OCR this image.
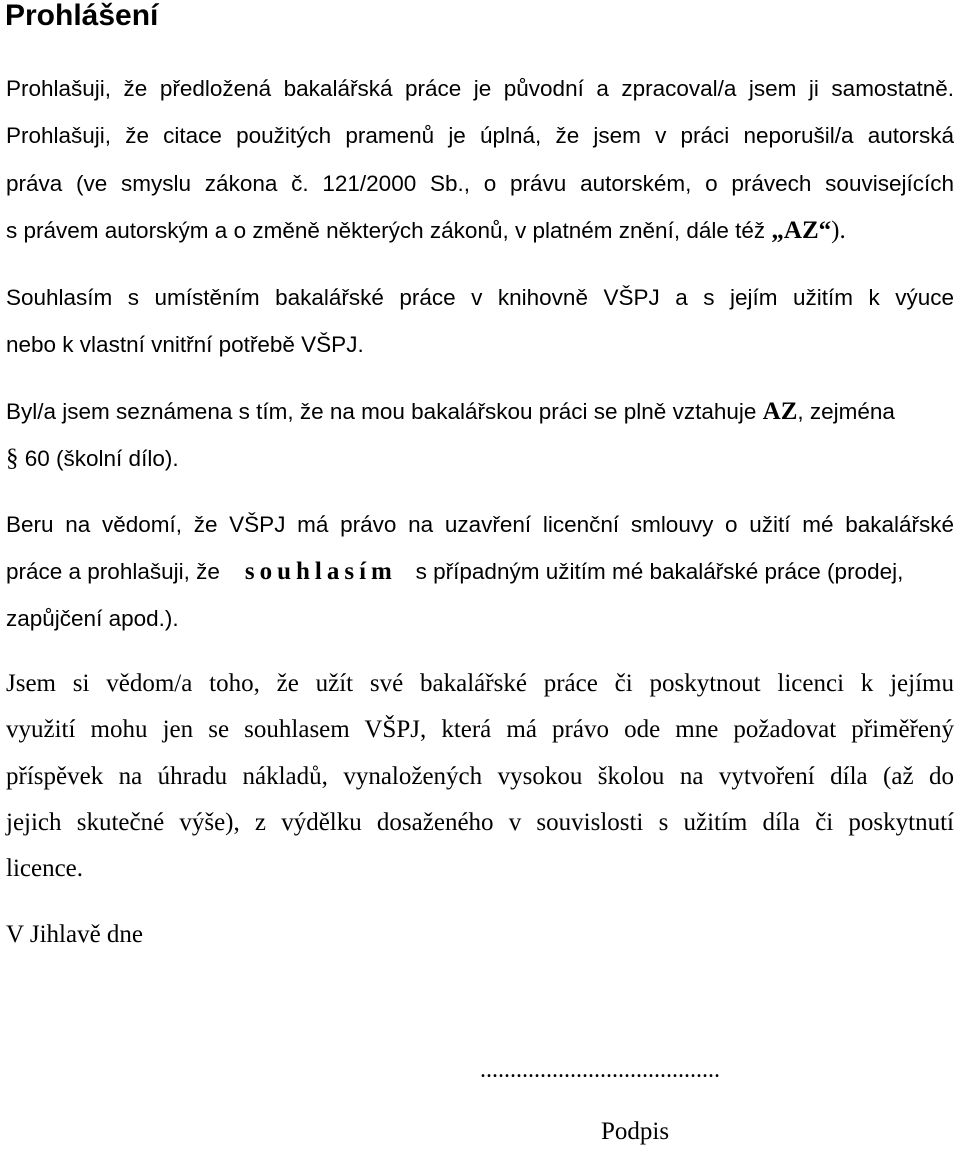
Prohlášení
Prohlašuji, že předložená bakalářská práce je původní a zpracoval/a jsem ji samostatně.
Prohlašuji, že citace použitých pramenů je úplná, že jsem v práci neporušil/a autorská
práva (ve smyslu zákona č. 121/2000 Sb., o právu autorském, o právech souvisejících
s právem autorským a o změně některých zákonů, v platném znění, dále též „AZ“).
Souhlasím s umístěním bakalářské práce v knihovně VŠPJ a s jejím užitím k výuce
nebo k vlastní vnitřní potřebě VŠPJ.
Byl/a jsem seznámena s tím, že na mou bakalářskou práci se plně vztahuje AZ, zejména
§ 60 (školní dílo).
Beru na vědomí, že VŠPJ má právo na uzavření licenční smlouvy o užití mé bakalářské
práce a prohlašuji, že souhlasím s případným užitím mé bakalářské práce (prodej,
zapůjčení apod.).
Jsem si vědom/a toho, že užít své bakalářské práce či poskytnout licenci k jejímu
využití mohu jen se souhlasem VŠPJ, která má právo ode mne požadovat přiměřený
příspěvek na úhradu nákladů, vynaložených vysokou školou na vytvoření díla (až do
jejich skutečné výše), z výdělku dosaženého v souvislosti s užitím díla či poskytnutí
licence.
V Jihlavě dne
........................................
Podpis
